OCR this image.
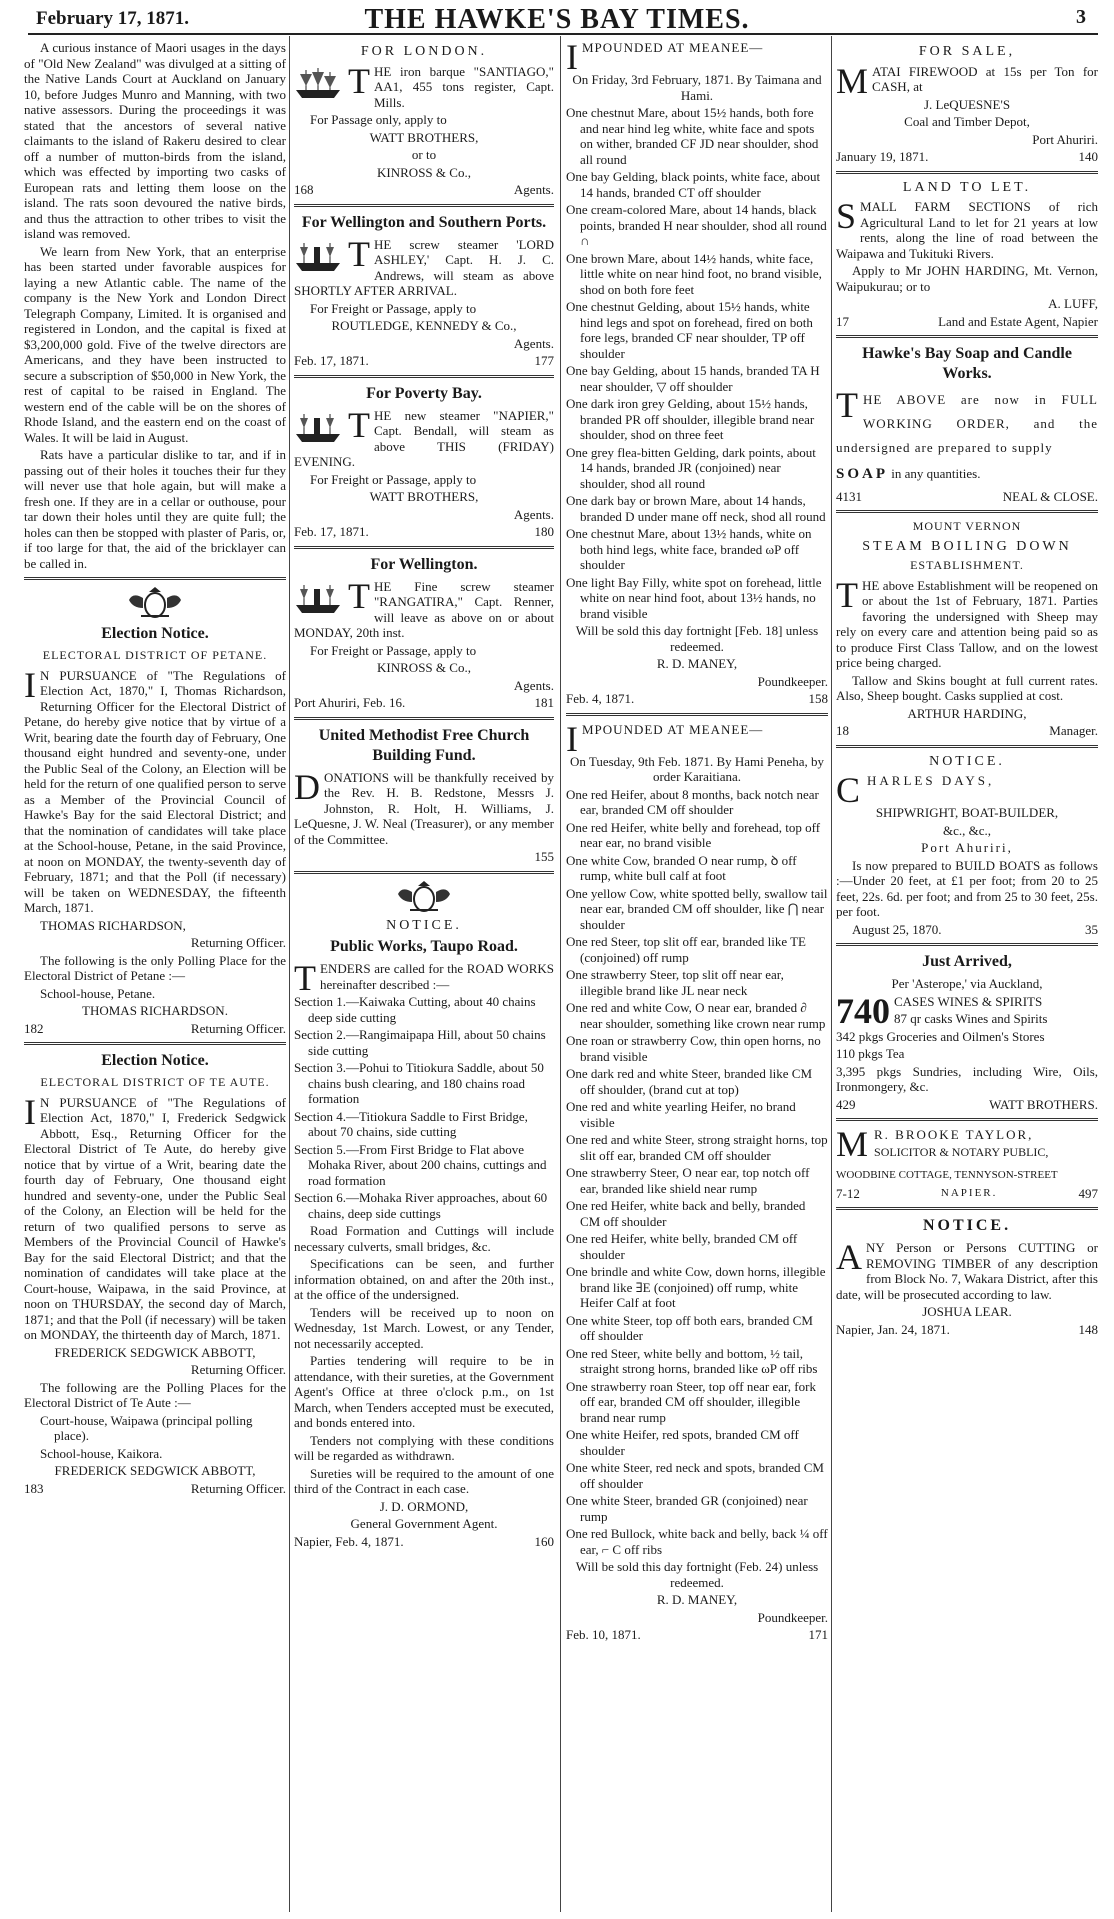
February 17, 1871.	THE HAWKE'S BAY TIMES.	3

A curious instance of Maori usages in the days of "Old New Zealand" was divulged at a sitting of the Native Lands Court at Auckland on January 10, before Judges Munro and Manning, with two native assessors. During the proceedings it was stated that the ancestors of several native claimants to the island of Rakeru desired to clear off a number of mutton-birds from the island, which was effected by importing two casks of European rats and letting them loose on the island. The rats soon devoured the native birds, and thus the attraction to other tribes to visit the island was removed.

We learn from New York, that an enterprise has been started under favorable auspices for laying a new Atlantic cable. The name of the company is the New York and London Direct Telegraph Company, Limited. It is organised and registered in London, and the capital is fixed at $3,200,000 gold. Five of the twelve directors are Americans, and they have been instructed to secure a subscription of $50,000 in New York, the rest of capital to be raised in England. The western end of the cable will be on the shores of Rhode Island, and the eastern end on the coast of Wales. It will be laid in August.

Rats have a particular dislike to tar, and if in passing out of their holes it touches their fur they will never use that hole again, but will make a fresh one. If they are in a cellar or outhouse, pour tar down their holes until they are quite full; the holes can then be stopped with plaster of Paris, or, if too large for that, the aid of the bricklayer can be called in.

Election Notice.
ELECTORAL DISTRICT OF PETANE.

I N PURSUANCE of "The Regulations of Election Act, 1870," I, Thomas Richardson, Returning Officer for the Electoral District of Petane, do hereby give notice that by virtue of a Writ, bearing date the fourth day of February, One thousand eight hundred and seventy-one, under the Public Seal of the Colony, an Election will be held for the return of one qualified person to serve as a Member of the Provincial Council of Hawke's Bay for the said Electoral District; and that the nomination of candidates will take place at the School-house, Petane, in the said Province, at noon on MONDAY, the twenty-seventh day of February, 1871; and that the Poll (if necessary) will be taken on WEDNESDAY, the fifteenth March, 1871.

THOMAS RICHARDSON,

Returning Officer.

The following is the only Polling Place for the Electoral District of Petane :—

School-house, Petane.

THOMAS RICHARDSON.

182	Returning Officer.
Election Notice.
ELECTORAL DISTRICT OF TE AUTE.

I N PURSUANCE of "The Regulations of Election Act, 1870," I, Frederick Sedgwick Abbott, Esq., Returning Officer for the Electoral District of Te Aute, do hereby give notice that by virtue of a Writ, bearing date the fourth day of February, One thousand eight hundred and seventy-one, under the Public Seal of the Colony, an Election will be held for the return of two qualified persons to serve as Members of the Provincial Council of Hawke's Bay for the said Electoral District; and that the nomination of candidates will take place at the Court-house, Waipawa, in the said Province, at noon on THURSDAY, the second day of March, 1871; and that the Poll (if necessary) will be taken on MONDAY, the thirteenth day of March, 1871.

FREDERICK SEDGWICK ABBOTT,

Returning Officer.

The following are the Polling Places for the Electoral District of Te Aute :—

Court-house, Waipawa (principal polling place).

School-house, Kaikora.

FREDERICK SEDGWICK ABBOTT,

183	Returning Officer.
FOR LONDON.
T HE iron barque "SANTIAGO," AA1, 455 tons register, Capt. Mills.

For Passage only, apply to

WATT BROTHERS,

or to

KINROSS & Co.,

168	Agents.
For Wellington and Southern Ports.
T HE screw steamer 'LORD ASHLEY,' Capt. H. J. C. Andrews, will steam as above SHORTLY AFTER ARRIVAL.

For Freight or Passage, apply to

ROUTLEDGE, KENNEDY & Co.,

Agents.

Feb. 17, 1871.	177
For Poverty Bay.
T HE new steamer "NAPIER," Capt. Bendall, will steam as above THIS (FRIDAY) EVENING.

For Freight or Passage, apply to

WATT BROTHERS,

Agents.

Feb. 17, 1871.	180
For Wellington.
T HE Fine screw steamer "RANGATIRA," Capt. Renner, will leave as above on or about MONDAY, 20th inst.

For Freight or Passage, apply to

KINROSS & Co.,

Agents.

Port Ahuriri, Feb. 16.	181
United Methodist Free Church Building Fund.

DONATIONS will be thankfully received by the Rev. H. B. Redstone, Messrs J. Johnston, R. Holt, H. Williams, J. LeQuesne, J. W. Neal (Treasurer), or any member of the Committee.

155

NOTICE.
Public Works, Taupo Road.

TENDERS are called for the ROAD WORKS hereinafter described :—

Section 1.—Kaiwaka Cutting, about 40 chains deep side cutting

Section 2.—Rangimaipapa Hill, about 50 chains side cutting

Section 3.—Pohui to Titiokura Saddle, about 50 chains bush clearing, and 180 chains road formation

Section 4.—Titiokura Saddle to First Bridge, about 70 chains, side cutting

Section 5.—From First Bridge to Flat above Mohaka River, about 200 chains, cuttings and road formation

Section 6.—Mohaka River approaches, about 60 chains, deep side cuttings

Road Formation and Cuttings will include necessary culverts, small bridges, &c.

Specifications can be seen, and further information obtained, on and after the 20th inst., at the office of the undersigned.

Tenders will be received up to noon on Wednesday, 1st March. Lowest, or any Tender, not necessarily accepted.

Parties tendering will require to be in attendance, with their sureties, at the Government Agent's Office at three o'clock p.m., on 1st March, when Tenders accepted must be executed, and bonds entered into.

Tenders not complying with these conditions will be regarded as withdrawn.

Sureties will be required to the amount of one third of the Contract in each case.

J. D. ORMOND,

General Government Agent.

Napier, Feb. 4, 1871.	160

IMPOUNDED AT MEANEE—

On Friday, 3rd February, 1871. By Taimana and Hami.

One chestnut Mare, about 15½ hands, both fore and near hind leg white, white face and spots on wither, branded CF JD near shoulder, shod all round

One bay Gelding, black points, white face, about 14 hands, branded CT off shoulder

One cream-colored Mare, about 14 hands, black points, branded H near shoulder, shod all round ∩

One brown Mare, about 14½ hands, white face, little white on near hind foot, no brand visible, shod on both fore feet

One chestnut Gelding, about 15½ hands, white hind legs and spot on forehead, fired on both fore legs, branded CF near shoulder, TP off shoulder

One bay Gelding, about 15 hands, branded TA H near shoulder, ▽ off shoulder

One dark iron grey Gelding, about 15½ hands, branded PR off shoulder, illegible brand near shoulder, shod on three feet

One grey flea-bitten Gelding, dark points, about 14 hands, branded JR (conjoined) near shoulder, shod all round

One dark bay or brown Mare, about 14 hands, branded D under mane off neck, shod all round

One chestnut Mare, about 13½ hands, white on both hind legs, white face, branded ωP off shoulder

One light Bay Filly, white spot on forehead, little white on near hind foot, about 13½ hands, no brand visible

Will be sold this day fortnight [Feb. 18] unless redeemed.

R. D. MANEY,

Poundkeeper.

Feb. 4, 1871.	158

IMPOUNDED AT MEANEE—

On Tuesday, 9th Feb. 1871. By Hami Peneha, by order Karaitiana.

One red Heifer, about 8 months, back notch near ear, branded CM off shoulder

One red Heifer, white belly and forehead, top off near ear, no brand visible

One white Cow, branded O near rump, ꝺ off rump, white bull calf at foot

One yellow Cow, white spotted belly, swallow tail near ear, branded CM off shoulder, like ⋂ near shoulder

One red Steer, top slit off ear, branded like TE (conjoined) off rump

One strawberry Steer, top slit off near ear, illegible brand like JL near neck

One red and white Cow, O near ear, branded ∂ near shoulder, something like crown near rump

One roan or strawberry Cow, thin open horns, no brand visible

One dark red and white Steer, branded like CM off shoulder, (brand cut at top)

One red and white yearling Heifer, no brand visible

One red and white Steer, strong straight horns, top slit off ear, branded CM off shoulder

One strawberry Steer, O near ear, top notch off ear, branded like shield near rump

One red Heifer, white back and belly, branded CM off shoulder

One red Heifer, white belly, branded CM off shoulder

One brindle and white Cow, down horns, illegible brand like ∃E (conjoined) off rump, white Heifer Calf at foot

One white Steer, top off both ears, branded CM off shoulder

One red Steer, white belly and bottom, ½ tail, straight strong horns, branded like ωP off ribs

One strawberry roan Steer, top off near ear, fork off ear, branded CM off shoulder, illegible brand near rump

One white Heifer, red spots, branded CM off shoulder

One white Steer, red neck and spots, branded CM off shoulder

One white Steer, branded GR (conjoined) near rump

One red Bullock, white back and belly, back ¼ off ear, ⌐ C off ribs

Will be sold this day fortnight (Feb. 24) unless redeemed.

R. D. MANEY,

Poundkeeper.

Feb. 10, 1871.	171
FOR SALE,

MATAI FIREWOOD at 15s per Ton for CASH, at

J. LeQUESNE'S

Coal and Timber Depot,

Port Ahuriri.

January 19, 1871.	140
LAND TO LET.

SMALL FARM SECTIONS of rich Agricultural Land to let for 21 years at low rents, along the line of road between the Waipawa and Tukituki Rivers.

Apply to Mr JOHN HARDING, Mt. Vernon, Waipukurau; or to

A. LUFF,

17	Land and Estate Agent, Napier
Hawke's Bay Soap and Candle Works.

THE ABOVE are now in FULL WORKING ORDER, and the undersigned are prepared to supply

SOAP in any quantities.

4131	NEAL & CLOSE.
MOUNT VERNON
STEAM BOILING DOWN
ESTABLISHMENT.

THE above Establishment will be reopened on or about the 1st of February, 1871. Parties favoring the undersigned with Sheep may rely on every care and attention being paid so as to produce First Class Tallow, and on the lowest price being charged.

Tallow and Skins bought at full current rates. Also, Sheep bought. Casks supplied at cost.

ARTHUR HARDING,

18	Manager.
NOTICE.

CHARLES DAYS,

SHIPWRIGHT, BOAT-BUILDER,

&c., &c.,

Port Ahuriri,

Is now prepared to BUILD BOATS as follows :—Under 20 feet, at £1 per foot; from 20 to 25 feet, 22s. 6d. per foot; and from 25 to 30 feet, 25s. per foot.

August 25, 1870.	35
Just Arrived,

Per 'Asterope,' via Auckland,

740 CASES WINES & SPIRITS

87 qr casks Wines and Spirits

342 pkgs Groceries and Oilmen's Stores

110 pkgs Tea

3,395 pkgs Sundries, including Wire, Oils, Ironmongery, &c.

429	WATT BROTHERS.

M R. BROOKE TAYLOR,

SOLICITOR & NOTARY PUBLIC,

WOODBINE COTTAGE, TENNYSON-STREET

7-12	NAPIER.	497
NOTICE.

ANY Person or Persons CUTTING or REMOVING TIMBER of any description from Block No. 7, Wakara District, after this date, will be prosecuted according to law.

JOSHUA LEAR.

Napier, Jan. 24, 1871.	148
